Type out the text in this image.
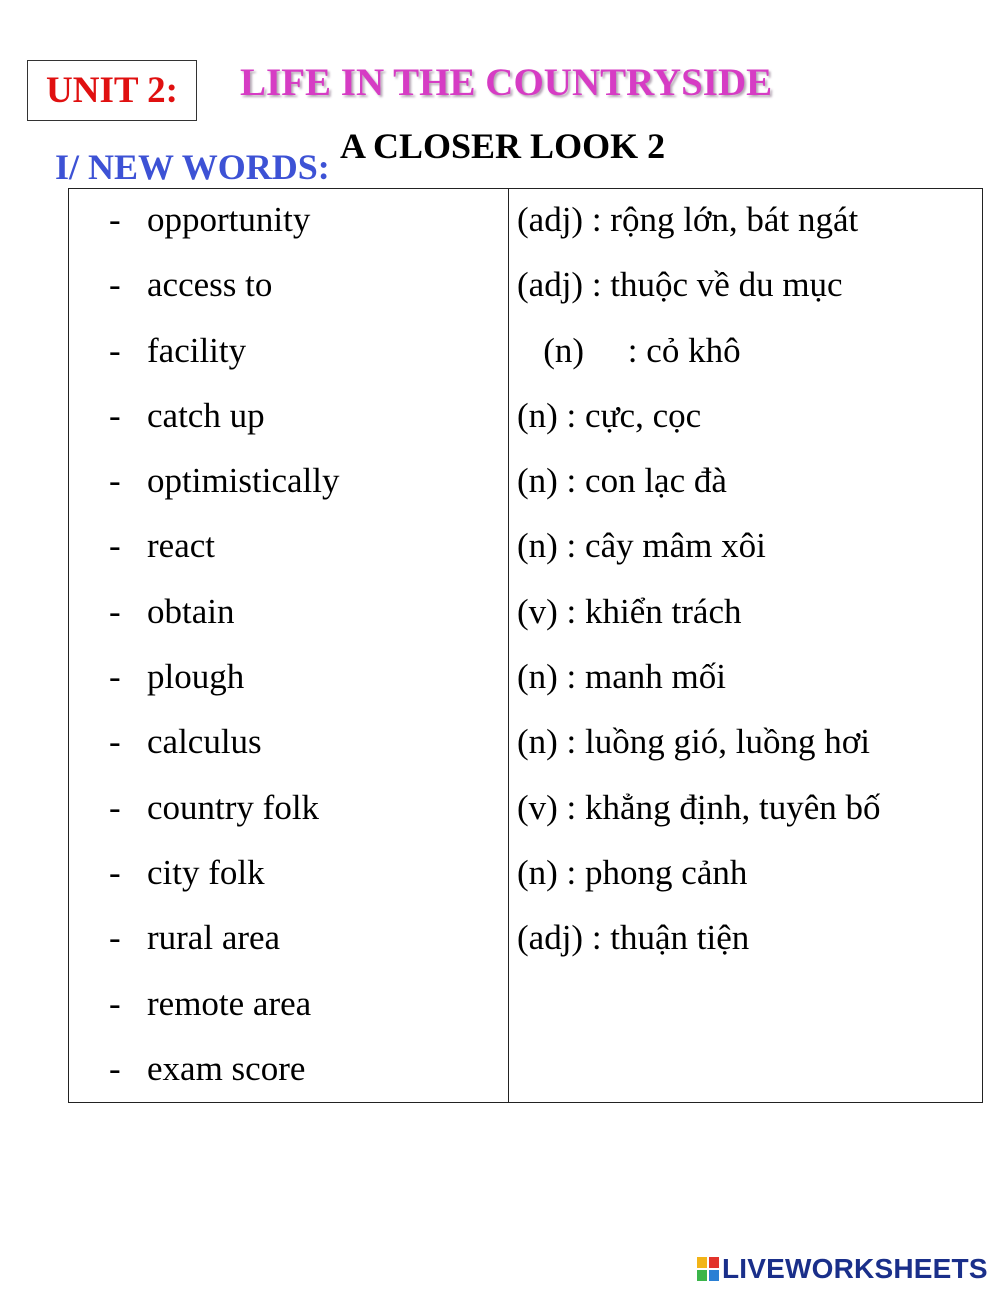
UNIT 2:	LIFE IN THE COUNTRYSIDE
A CLOSER LOOK 2
I/ NEW WORDS:
- opportunity
- access to
- facility
- catch up
- optimistically
- react
- obtain
- plough
- calculus
- country folk
- city folk
- rural area
- remote area
- exam score
(adj) : rộng lớn, bát ngát
(adj) : thuộc về du mục
(n)     : cỏ khô
(n) : cực, cọc
(n) : con lạc đà
(n) : cây mâm xôi
(v) : khiển trách
(n) : manh mối
(n) : luồng gió, luồng hơi
(v) : khẳng định, tuyên bố
(n) : phong cảnh
(adj) : thuận tiện
LIVEWORKSHEETS
